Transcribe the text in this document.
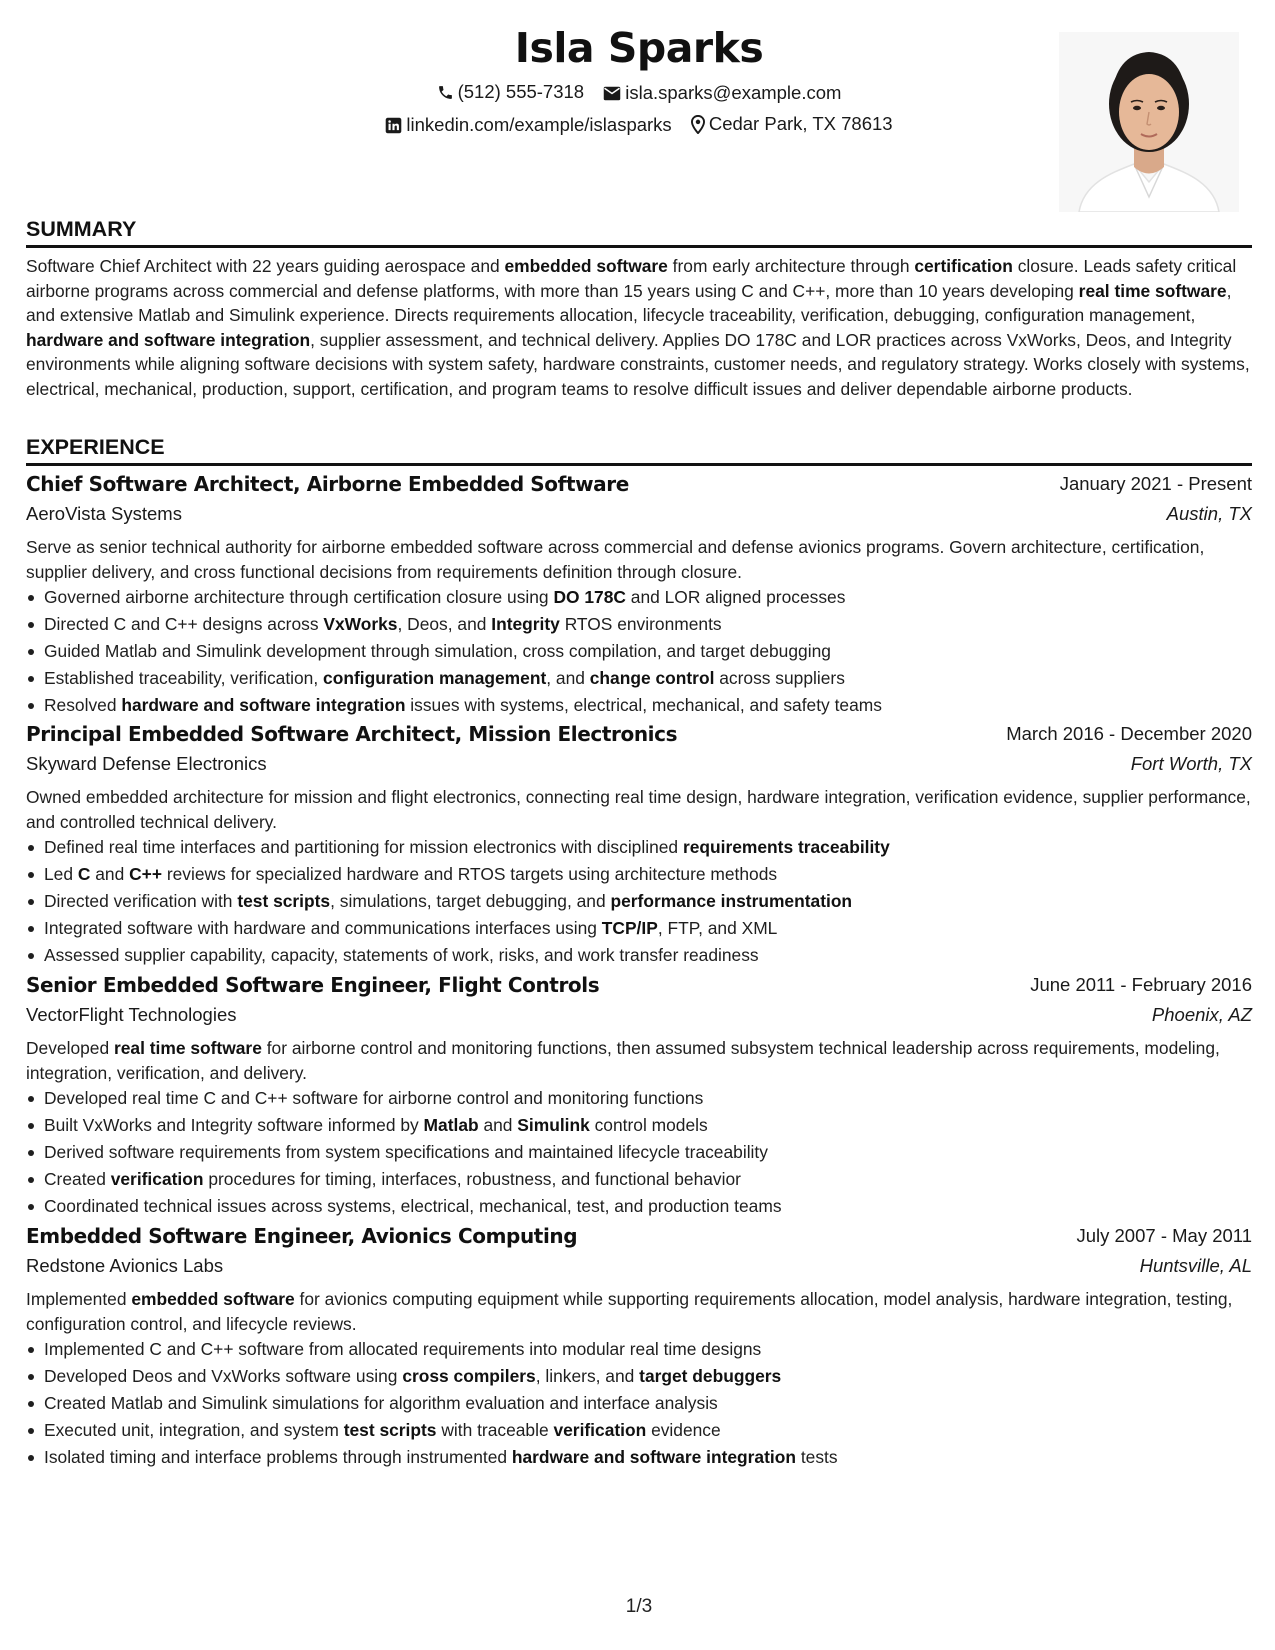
Isla Sparks
(512) 555-7318
isla.sparks@example.com
linkedin.com/example/islasparks
Cedar Park, TX 78613
SUMMARY
Software Chief Architect with 22 years guiding aerospace and embedded software from early architecture through certification closure. Leads safety critical airborne programs across commercial and defense platforms, with more than 15 years using C and C++, more than 10 years developing real time software, and extensive Matlab and Simulink experience. Directs requirements allocation, lifecycle traceability, verification, debugging, configuration management, hardware and software integration, supplier assessment, and technical delivery. Applies DO 178C and LOR practices across VxWorks, Deos, and Integrity environments while aligning software decisions with system safety, hardware constraints, customer needs, and regulatory strategy. Works closely with systems, electrical, mechanical, production, support, certification, and program teams to resolve difficult issues and deliver dependable airborne products.
EXPERIENCE
Chief Software Architect, Airborne Embedded Software	January 2021 - Present
AeroVista Systems	Austin, TX
Serve as senior technical authority for airborne embedded software across commercial and defense avionics programs. Govern architecture, certification, supplier delivery, and cross functional decisions from requirements definition through closure.
Governed airborne architecture through certification closure using DO 178C and LOR aligned processes
Directed C and C++ designs across VxWorks, Deos, and Integrity RTOS environments
Guided Matlab and Simulink development through simulation, cross compilation, and target debugging
Established traceability, verification, configuration management, and change control across suppliers
Resolved hardware and software integration issues with systems, electrical, mechanical, and safety teams
Principal Embedded Software Architect, Mission Electronics	March 2016 - December 2020
Skyward Defense Electronics	Fort Worth, TX
Owned embedded architecture for mission and flight electronics, connecting real time design, hardware integration, verification evidence, supplier performance, and controlled technical delivery.
Defined real time interfaces and partitioning for mission electronics with disciplined requirements traceability
Led C and C++ reviews for specialized hardware and RTOS targets using architecture methods
Directed verification with test scripts, simulations, target debugging, and performance instrumentation
Integrated software with hardware and communications interfaces using TCP/IP, FTP, and XML
Assessed supplier capability, capacity, statements of work, risks, and work transfer readiness
Senior Embedded Software Engineer, Flight Controls	June 2011 - February 2016
VectorFlight Technologies	Phoenix, AZ
Developed real time software for airborne control and monitoring functions, then assumed subsystem technical leadership across requirements, modeling, integration, verification, and delivery.
Developed real time C and C++ software for airborne control and monitoring functions
Built VxWorks and Integrity software informed by Matlab and Simulink control models
Derived software requirements from system specifications and maintained lifecycle traceability
Created verification procedures for timing, interfaces, robustness, and functional behavior
Coordinated technical issues across systems, electrical, mechanical, test, and production teams
Embedded Software Engineer, Avionics Computing	July 2007 - May 2011
Redstone Avionics Labs	Huntsville, AL
Implemented embedded software for avionics computing equipment while supporting requirements allocation, model analysis, hardware integration, testing, configuration control, and lifecycle reviews.
Implemented C and C++ software from allocated requirements into modular real time designs
Developed Deos and VxWorks software using cross compilers, linkers, and target debuggers
Created Matlab and Simulink simulations for algorithm evaluation and interface analysis
Executed unit, integration, and system test scripts with traceable verification evidence
Isolated timing and interface problems through instrumented hardware and software integration tests
1/3
